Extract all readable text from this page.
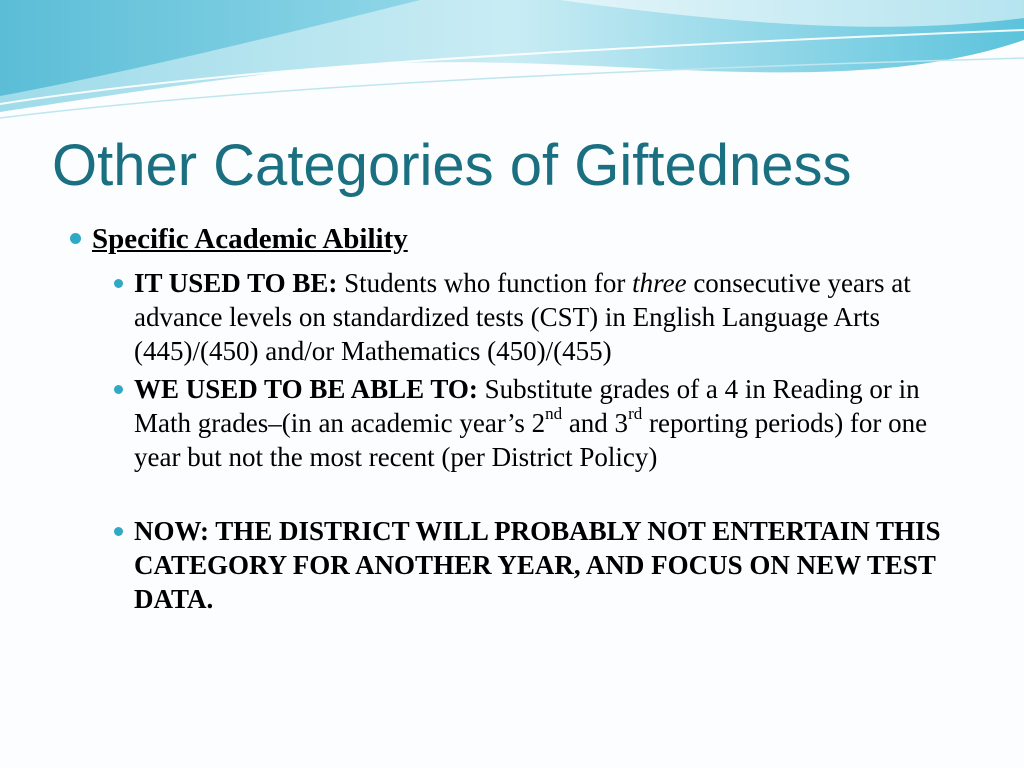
Other Categories of Giftedness

Specific Academic Ability

IT USED TO BE: Students who function for three consecutive years at advance levels on standardized tests (CST) in English Language Arts (445)/(450) and/or Mathematics (450)/(455)

WE USED TO BE ABLE TO: Substitute grades of a 4 in Reading or in Math grades–(in an academic year’s 2nd and 3rd reporting periods) for one year but not the most recent (per District Policy)

NOW: THE DISTRICT WILL PROBABLY NOT ENTERTAIN THIS CATEGORY FOR ANOTHER YEAR, AND FOCUS ON NEW TEST DATA.
